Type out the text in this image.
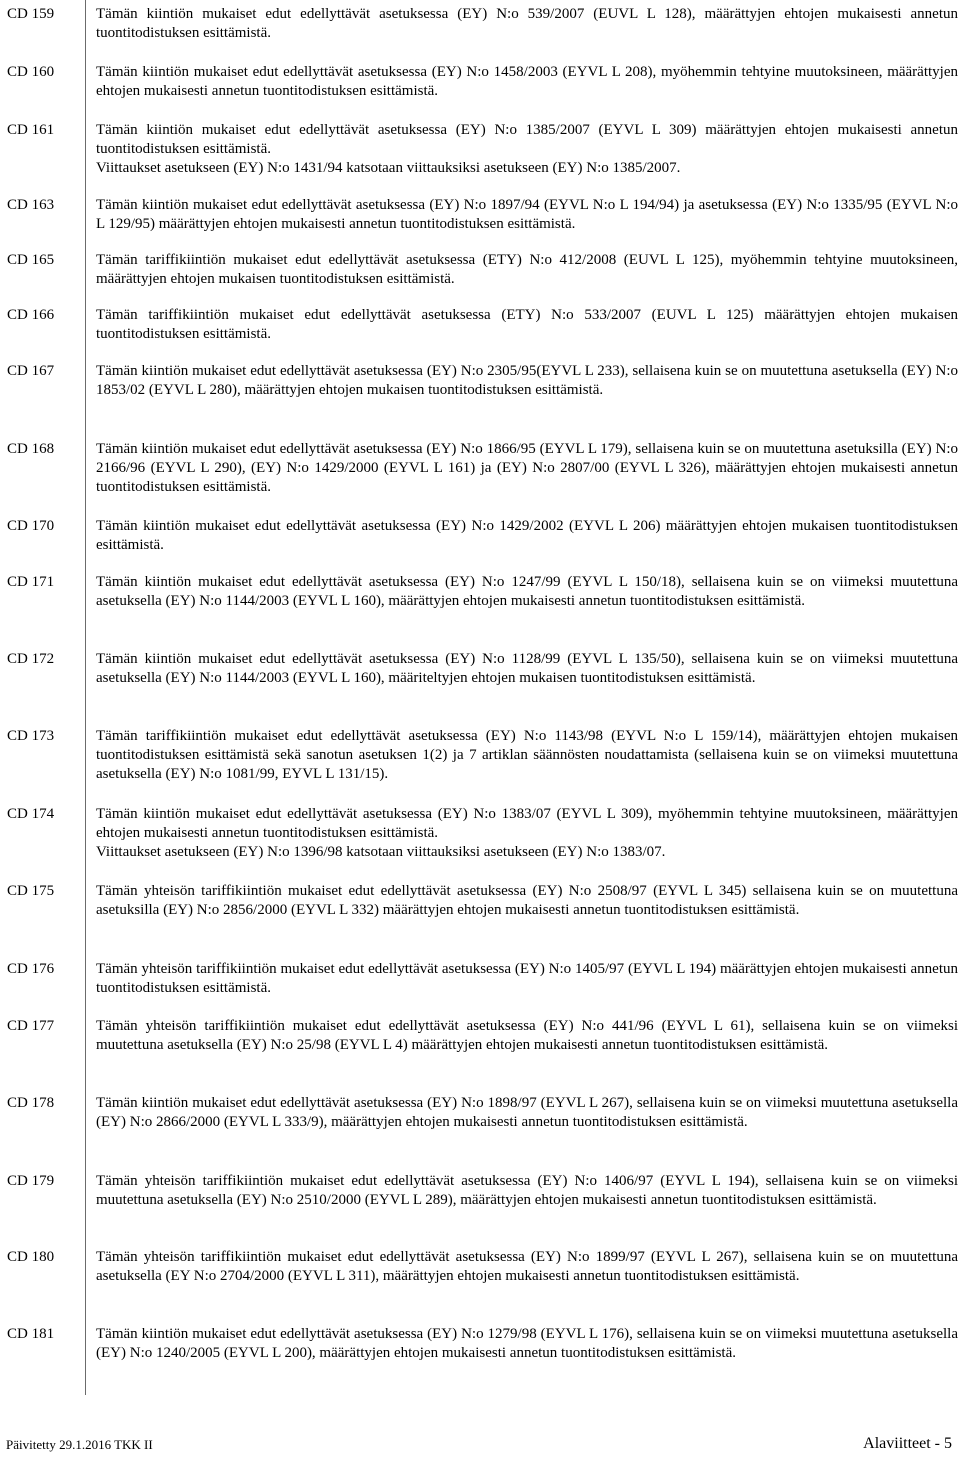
CD 159	Tämän kiintiön mukaiset edut edellyttävät asetuksessa (EY) N:o 539/2007 (EUVL L 128), määrättyjen ehtojen mukaisesti annetun tuontitodistuksen esittämistä.

CD 160	Tämän kiintiön mukaiset edut edellyttävät asetuksessa (EY) N:o 1458/2003 (EYVL L 208), myöhemmin tehtyine muutoksineen, määrättyjen ehtojen mukaisesti annetun tuontitodistuksen esittämistä.

CD 161	Tämän kiintiön mukaiset edut edellyttävät asetuksessa (EY) N:o 1385/2007 (EYVL L 309) määrättyjen ehtojen mukaisesti annetun tuontitodistuksen esittämistä.

Viittaukset asetukseen (EY) N:o 1431/94 katsotaan viittauksiksi asetukseen (EY) N:o 1385/2007.

CD 163	Tämän kiintiön mukaiset edut edellyttävät asetuksessa (EY) N:o 1897/94 (EYVL N:o L 194/94) ja asetuksessa (EY) N:o 1335/95 (EYVL N:o L 129/95) määrättyjen ehtojen mukaisesti annetun tuontitodistuksen esittämistä.

CD 165	Tämän tariffikiintiön mukaiset edut edellyttävät asetuksessa (ETY) N:o 412/2008 (EUVL L 125), myöhemmin tehtyine muutoksineen, määrättyjen ehtojen mukaisen tuontitodistuksen esittämistä.

CD 166	Tämän tariffikiintiön mukaiset edut edellyttävät asetuksessa (ETY) N:o 533/2007 (EUVL L 125) määrättyjen ehtojen mukaisen tuontitodistuksen esittämistä.

CD 167	Tämän kiintiön mukaiset edut edellyttävät asetuksessa (EY) N:o 2305/95(EYVL L 233), sellaisena kuin se on muutettuna asetuksella (EY) N:o 1853/02 (EYVL L 280), määrättyjen ehtojen mukaisen tuontitodistuksen esittämistä.

CD 168	Tämän kiintiön mukaiset edut edellyttävät asetuksessa (EY) N:o 1866/95 (EYVL L 179), sellaisena kuin se on muutettuna asetuksilla (EY) N:o 2166/96 (EYVL L 290), (EY) N:o 1429/2000 (EYVL L 161) ja (EY) N:o 2807/00 (EYVL L 326), määrättyjen ehtojen mukaisesti annetun tuontitodistuksen esittämistä.

CD 170	Tämän kiintiön mukaiset edut edellyttävät asetuksessa (EY) N:o 1429/2002 (EYVL L 206) määrättyjen ehtojen mukaisen tuontitodistuksen esittämistä.

CD 171	Tämän kiintiön mukaiset edut edellyttävät asetuksessa (EY) N:o 1247/99 (EYVL L 150/18), sellaisena kuin se on viimeksi muutettuna asetuksella (EY) N:o 1144/2003 (EYVL L 160), määrättyjen ehtojen mukaisesti annetun tuontitodistuksen esittämistä.

CD 172	Tämän kiintiön mukaiset edut edellyttävät asetuksessa (EY) N:o 1128/99 (EYVL L 135/50), sellaisena kuin se on viimeksi muutettuna asetuksella (EY) N:o 1144/2003 (EYVL L 160), määriteltyjen ehtojen mukaisen tuontitodistuksen esittämistä.

CD 173	Tämän tariffikiintiön mukaiset edut edellyttävät asetuksessa (EY) N:o 1143/98 (EYVL N:o L 159/14), määrättyjen ehtojen mukaisen tuontitodistuksen esittämistä sekä sanotun asetuksen 1(2) ja 7 artiklan säännösten noudattamista (sellaisena kuin se on viimeksi muutettuna asetuksella (EY) N:o 1081/99, EYVL L 131/15).

CD 174	Tämän kiintiön mukaiset edut edellyttävät asetuksessa (EY) N:o 1383/07 (EYVL L 309), myöhemmin tehtyine muutoksineen, määrättyjen ehtojen mukaisesti annetun tuontitodistuksen esittämistä.

Viittaukset asetukseen (EY) N:o 1396/98 katsotaan viittauksiksi asetukseen (EY) N:o 1383/07.

CD 175	Tämän yhteisön tariffikiintiön mukaiset edut edellyttävät asetuksessa (EY) N:o 2508/97 (EYVL L 345) sellaisena kuin se on muutettuna asetuksilla (EY) N:o 2856/2000 (EYVL L 332) määrättyjen ehtojen mukaisesti annetun tuontitodistuksen esittämistä.

CD 176	Tämän yhteisön tariffikiintiön mukaiset edut edellyttävät asetuksessa (EY) N:o 1405/97 (EYVL L 194) määrättyjen ehtojen mukaisesti annetun tuontitodistuksen esittämistä.

CD 177	Tämän yhteisön tariffikiintiön mukaiset edut edellyttävät asetuksessa (EY) N:o 441/96 (EYVL L 61), sellaisena kuin se on viimeksi muutettuna asetuksella (EY) N:o 25/98 (EYVL L 4) määrättyjen ehtojen mukaisesti annetun tuontitodistuksen esittämistä.

CD 178	Tämän kiintiön mukaiset edut edellyttävät asetuksessa (EY) N:o 1898/97 (EYVL L 267), sellaisena kuin se on viimeksi muutettuna asetuksella (EY) N:o 2866/2000 (EYVL L 333/9), määrättyjen ehtojen mukaisesti annetun tuontitodistuksen esittämistä.

CD 179	Tämän yhteisön tariffikiintiön mukaiset edut edellyttävät asetuksessa (EY) N:o 1406/97 (EYVL L 194), sellaisena kuin se on viimeksi muutettuna asetuksella (EY) N:o 2510/2000 (EYVL L 289), määrättyjen ehtojen mukaisesti annetun tuontitodistuksen esittämistä.

CD 180	Tämän yhteisön tariffikiintiön mukaiset edut edellyttävät asetuksessa (EY) N:o 1899/97 (EYVL L 267), sellaisena kuin se on muutettuna asetuksella (EY N:o 2704/2000 (EYVL L 311), määrättyjen ehtojen mukaisesti annetun tuontitodistuksen esittämistä.

CD 181	Tämän kiintiön mukaiset edut edellyttävät asetuksessa (EY) N:o 1279/98 (EYVL L 176), sellaisena kuin se on viimeksi muutettuna asetuksella (EY) N:o 1240/2005 (EYVL L 200), määrättyjen ehtojen mukaisesti annetun tuontitodistuksen esittämistä.

Päivitetty 29.1.2016 TKK II	Alaviitteet - 5
